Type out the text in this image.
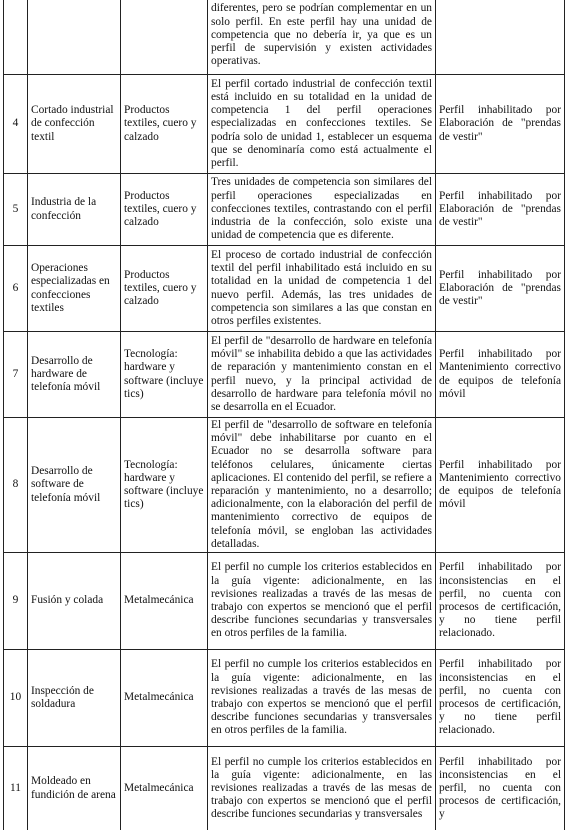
			diferentes, pero se podrían complementar en un solo perfil. En este perfil hay una unidad de competencia que no debería ir, ya que es un perfil de supervisión y existen actividades operativas.	

4	Cortado industrial de confección textil	Productos textiles, cuero y calzado	El perfil cortado industrial de confección textil está incluido en su totalidad en la unidad de competencia 1 del perfil operaciones especializadas en confecciones textiles. Se podría solo de unidad 1, establecer un esquema que se denominaría como está actualmente el perfil.	Perfil inhabilitado por Elaboración de "prendas de vestir"

5	Industria de la confección	Productos textiles, cuero y calzado	Tres unidades de competencia son similares del perfil operaciones especializadas en confecciones textiles, contrastando con el perfil industria de la confección, solo existe una unidad de competencia que es diferente.	Perfil inhabilitado por Elaboración de "prendas de vestir"

6	Operaciones especializadas en confecciones textiles	Productos textiles, cuero y calzado	El proceso de cortado industrial de confección textil del perfil inhabilitado está incluido en su totalidad en la unidad de competencia 1 del nuevo perfil. Además, las tres unidades de competencia son similares a las que constan en otros perfiles existentes.	Perfil inhabilitado por Elaboración de "prendas de vestir"

7	Desarrollo de hardware de telefonía móvil	Tecnología: hardware y software (incluye tics)	El perfil de "desarrollo de hardware en telefonía móvil" se inhabilita debido a que las actividades de reparación y mantenimiento constan en el perfil nuevo, y la principal actividad de desarrollo de hardware para telefonía móvil no se desarrolla en el Ecuador.	Perfil inhabilitado por Mantenimiento correctivo de equipos de telefonía móvil

8	Desarrollo de software de telefonía móvil	Tecnología: hardware y software (incluye tics)	El perfil de "desarrollo de software en telefonía móvil" debe inhabilitarse por cuanto en el Ecuador no se desarrolla software para teléfonos celulares, únicamente ciertas aplicaciones. El contenido del perfil, se refiere a reparación y mantenimiento, no a desarrollo; adicionalmente, con la elaboración del perfil de mantenimiento correctivo de equipos de telefonía móvil, se engloban las actividades detalladas.	Perfil inhabilitado por Mantenimiento correctivo de equipos de telefonía móvil

9	Fusión y colada	Metalmecánica	El perfil no cumple los criterios establecidos en la guía vigente: adicionalmente, en las revisiones realizadas a través de las mesas de trabajo con expertos se mencionó que el perfil describe funciones secundarias y transversales en otros perfiles de la familia.	Perfil inhabilitado por inconsistencias en el perfil, no cuenta con procesos de certificación, y no tiene perfil relacionado.

10	Inspección de soldadura	Metalmecánica	El perfil no cumple los criterios establecidos en la guía vigente: adicionalmente, en las revisiones realizadas a través de las mesas de trabajo con expertos se mencionó que el perfil describe funciones secundarias y transversales en otros perfiles de la familia.	Perfil inhabilitado por inconsistencias en el perfil, no cuenta con procesos de certificación, y no tiene perfil relacionado.

11	Moldeado en fundición de arena	Metalmecánica	El perfil no cumple los criterios establecidos en la guía vigente: adicionalmente, en las revisiones realizadas a través de las mesas de trabajo con expertos se mencionó que el perfil describe funciones secundarias y transversales	Perfil inhabilitado por inconsistencias en el perfil, no cuenta con procesos de certificación, y
